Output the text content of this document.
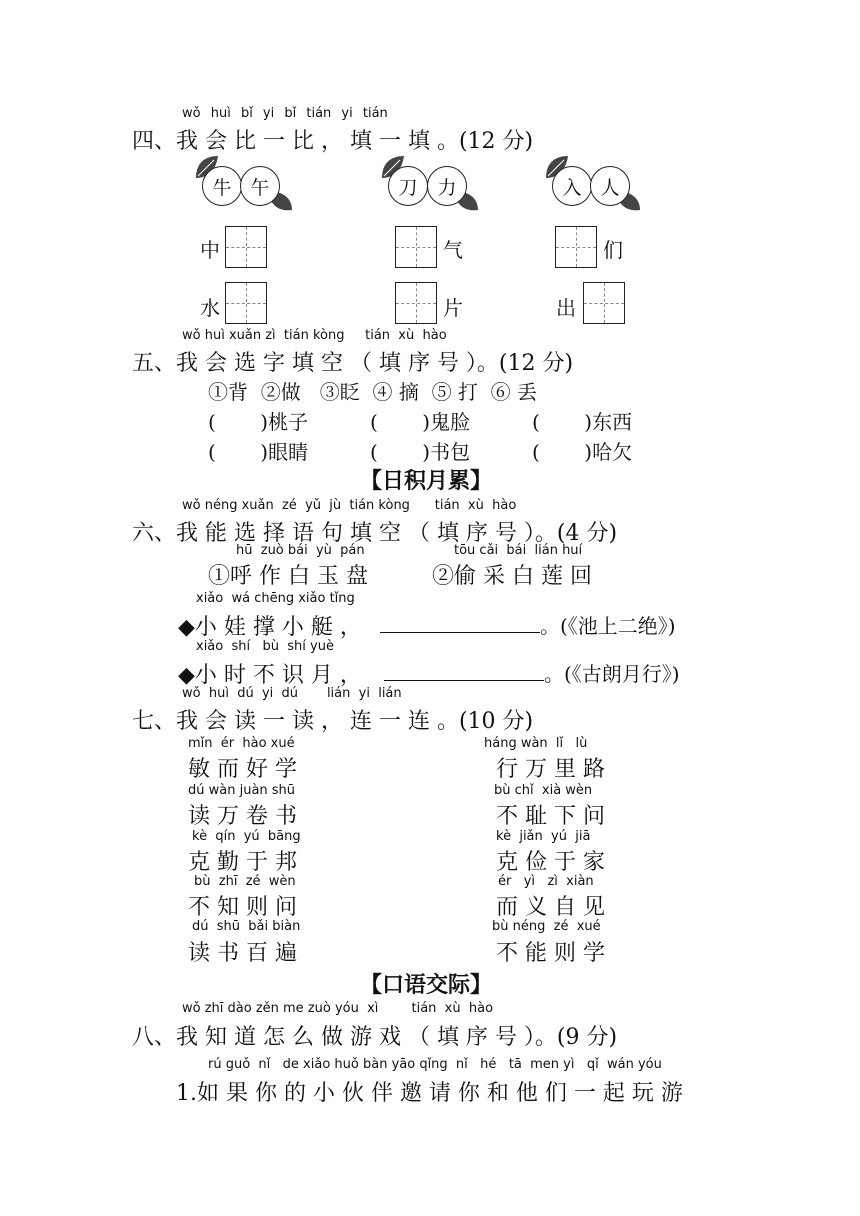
wǒ huì bǐ yi bǐ tián yi tián
四、我 会 比 一 比 ， 填 一 填 。(12 分)
牛 午
中
水
刀	力
气
片
入 人
们
出
wǒ huì xuǎn zì  tián kòng     tián  xù  hào
五、我 会 选 字 填 空 （ 填 序 号 ）。(12 分)
①背  ②做   ③眨  ④ 摘  ⑤ 打  ⑥ 丢
(       )桃子	(       )鬼脸	(       )东西
(       )眼睛	(       )书包	(       )哈欠
【日积月累】
wǒ néng xuǎn  zé  yǔ  jù  tián kòng      tián  xù  hào
六、我 能 选 择 语 句 填 空 （ 填 序 号 ）。(4 分)
hū  zuò bái  yù  pán	tōu cǎi  bái  lián huí
①呼 作 白 玉 盘	②偷 采 白 莲 回
xiǎo  wá chēng xiǎo tǐng
◆小 娃 撑 小 艇 ，	。(《池上二绝》)
xiǎo  shí   bù  shí yuè
◆小 时 不 识 月 ，	。(《古朗月行》)
wǒ  huì  dú  yi  dú       lián  yi  lián
七、我 会 读 一 读 ， 连 一 连 。(10 分)
mǐn  ér  hào xué
敏 而 好 学
dú wàn juàn shū
读 万 卷 书
kè  qín  yú  bāng
克 勤 于 邦
bù  zhī  zé  wèn
不 知 则 问
dú  shū  bǎi biàn
读 书 百 遍
háng wàn  lǐ   lù
行 万 里 路
bù chǐ  xià wèn
不 耻 下 问
kè  jiǎn  yú  jiā
克 俭 于 家
ér   yì   zì  xiàn
而 义 自 见
bù néng  zé  xué
不 能 则 学
【口语交际】
wǒ zhī dào zěn me zuò yóu  xì        tián  xù  hào
八、我 知 道 怎 么 做 游 戏 （ 填 序 号 ）。(9 分)
rú guǒ  nǐ   de xiǎo huǒ bàn yāo qǐng  nǐ   hé   tā  men yì   qǐ  wán yóu
1.如 果 你 的 小 伙 伴 邀 请 你 和 他 们 一 起 玩 游
